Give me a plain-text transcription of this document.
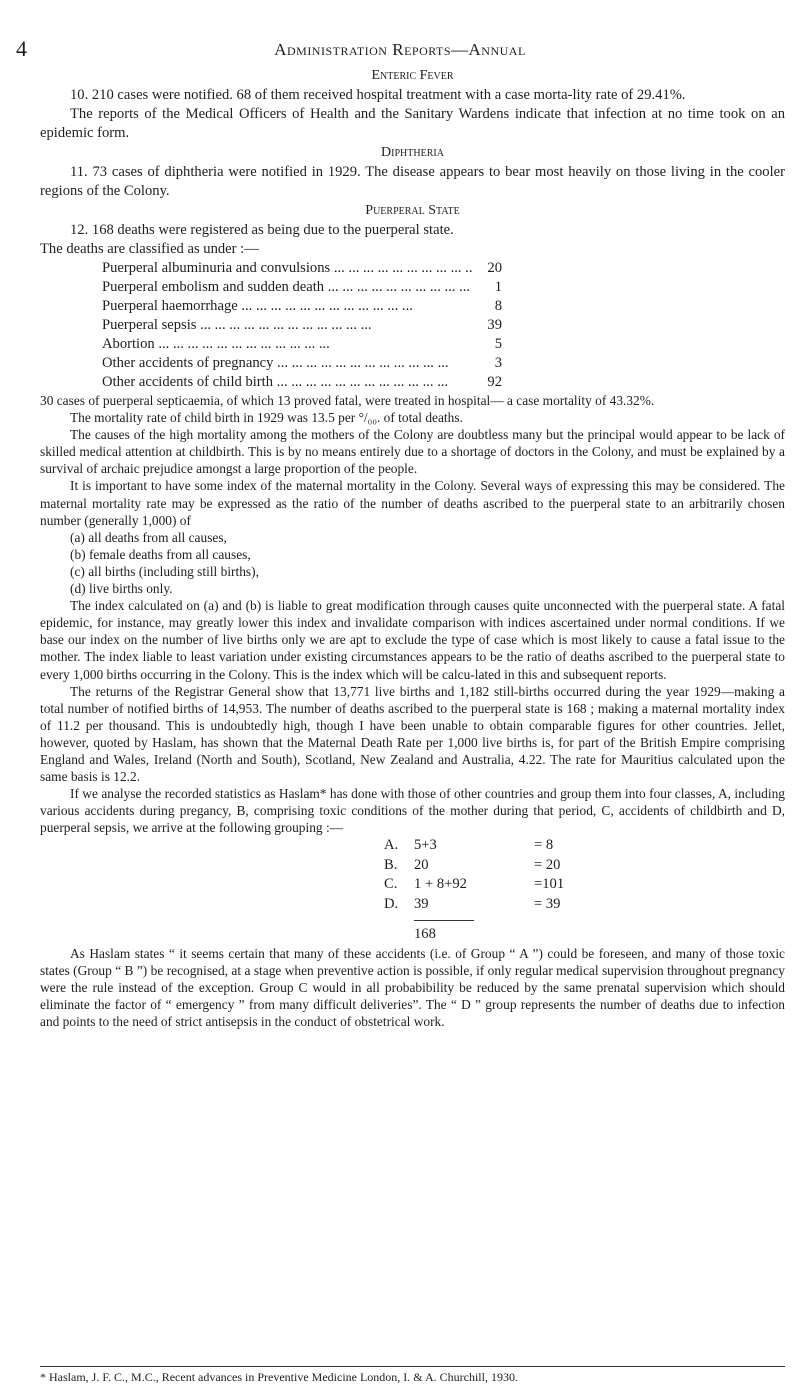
4	Administration Reports—Annual

Enteric Fever

10. 210 cases were notified. 68 of them received hospital treatment with a case morta-lity rate of 29.41%.

The reports of the Medical Officers of Health and the Sanitary Wardens indicate that infection at no time took on an epidemic form.

Diphtheria

11. 73 cases of diphtheria were notified in 1929. The disease appears to bear most heavily on those living in the cooler regions of the Colony.

Puerperal State

12. 168 deaths were registered as being due to the puerperal state.

The deaths are classified as under :—

Puerperal albuminuria and convulsions ... .	20
Puerperal embolism and sudden death ... .	1
Puerperal haemorrhage ... .	8
Puerperal sepsis ... .	39
Abortion ... .	5
Other accidents of pregnancy ... .	3
Other accidents of child birth ... .	92

30 cases of puerperal septicaemia, of which 13 proved fatal, were treated in hospital— a case mortality of 43.32%.

The mortality rate of child birth in 1929 was 13.5 per °/₀₀. of total deaths.

The causes of the high mortality among the mothers of the Colony are doubtless many but the principal would appear to be lack of skilled medical attention at childbirth. This is by no means entirely due to a shortage of doctors in the Colony, and must be explained by a survival of archaic prejudice amongst a large proportion of the people.

It is important to have some index of the maternal mortality in the Colony. Several ways of expressing this may be considered. The maternal mortality rate may be expressed as the ratio of the number of deaths ascribed to the puerperal state to an arbitrarily chosen number (generally 1,000) of

(a) all deaths from all causes,

(b) female deaths from all causes,

(c) all births (including still births),

(d) live births only.

The index calculated on (a) and (b) is liable to great modification through causes quite unconnected with the puerperal state. A fatal epidemic, for instance, may greatly lower this index and invalidate comparison with indices ascertained under normal conditions. If we base our index on the number of live births only we are apt to exclude the type of case which is most likely to cause a fatal issue to the mother. The index liable to least variation under existing circumstances appears to be the ratio of deaths ascribed to the puerperal state to every 1,000 births occurring in the Colony. This is the index which will be calcu-lated in this and subsequent reports.

The returns of the Registrar General show that 13,771 live births and 1,182 still-births occurred during the year 1929—making a total number of notified births of 14,953. The number of deaths ascribed to the puerperal state is 168 ; making a maternal mortality index of 11.2 per thousand. This is undoubtedly high, though I have been unable to obtain comparable figures for other countries. Jellet, however, quoted by Haslam, has shown that the Maternal Death Rate per 1,000 live births is, for part of the British Empire comprising England and Wales, Ireland (North and South), Scotland, New Zealand and Australia, 4.22. The rate for Mauritius calculated upon the same basis is 12.2.

If we analyse the recorded statistics as Haslam* has done with those of other countries and group them into four classes, A, including various accidents during pregancy, B, comprising toxic conditions of the mother during that period, C, accidents of childbirth and D, puerperal sepsis, we arrive at the following grouping :—

A.	5+3	= 8
B.	20	= 20
C.	1 + 8+92	=101
D.	39	= 39
168

As Haslam states “ it seems certain that many of these accidents (i.e. of Group “ A ”) could be foreseen, and many of those toxic states (Group “ B ”) be recognised, at a stage when preventive action is possible, if only regular medical supervision throughout pregnancy were the rule instead of the exception. Group C would in all probabibility be reduced by the same prenatal supervision which should eliminate the factor of “ emergency ” from many difficult deliveries”. The “ D ” group represents the number of deaths due to infection and points to the need of strict antisepsis in the conduct of obstetrical work.

* Haslam, J. F. C., M.C., Recent advances in Preventive Medicine London, I. & A. Churchill, 1930.
